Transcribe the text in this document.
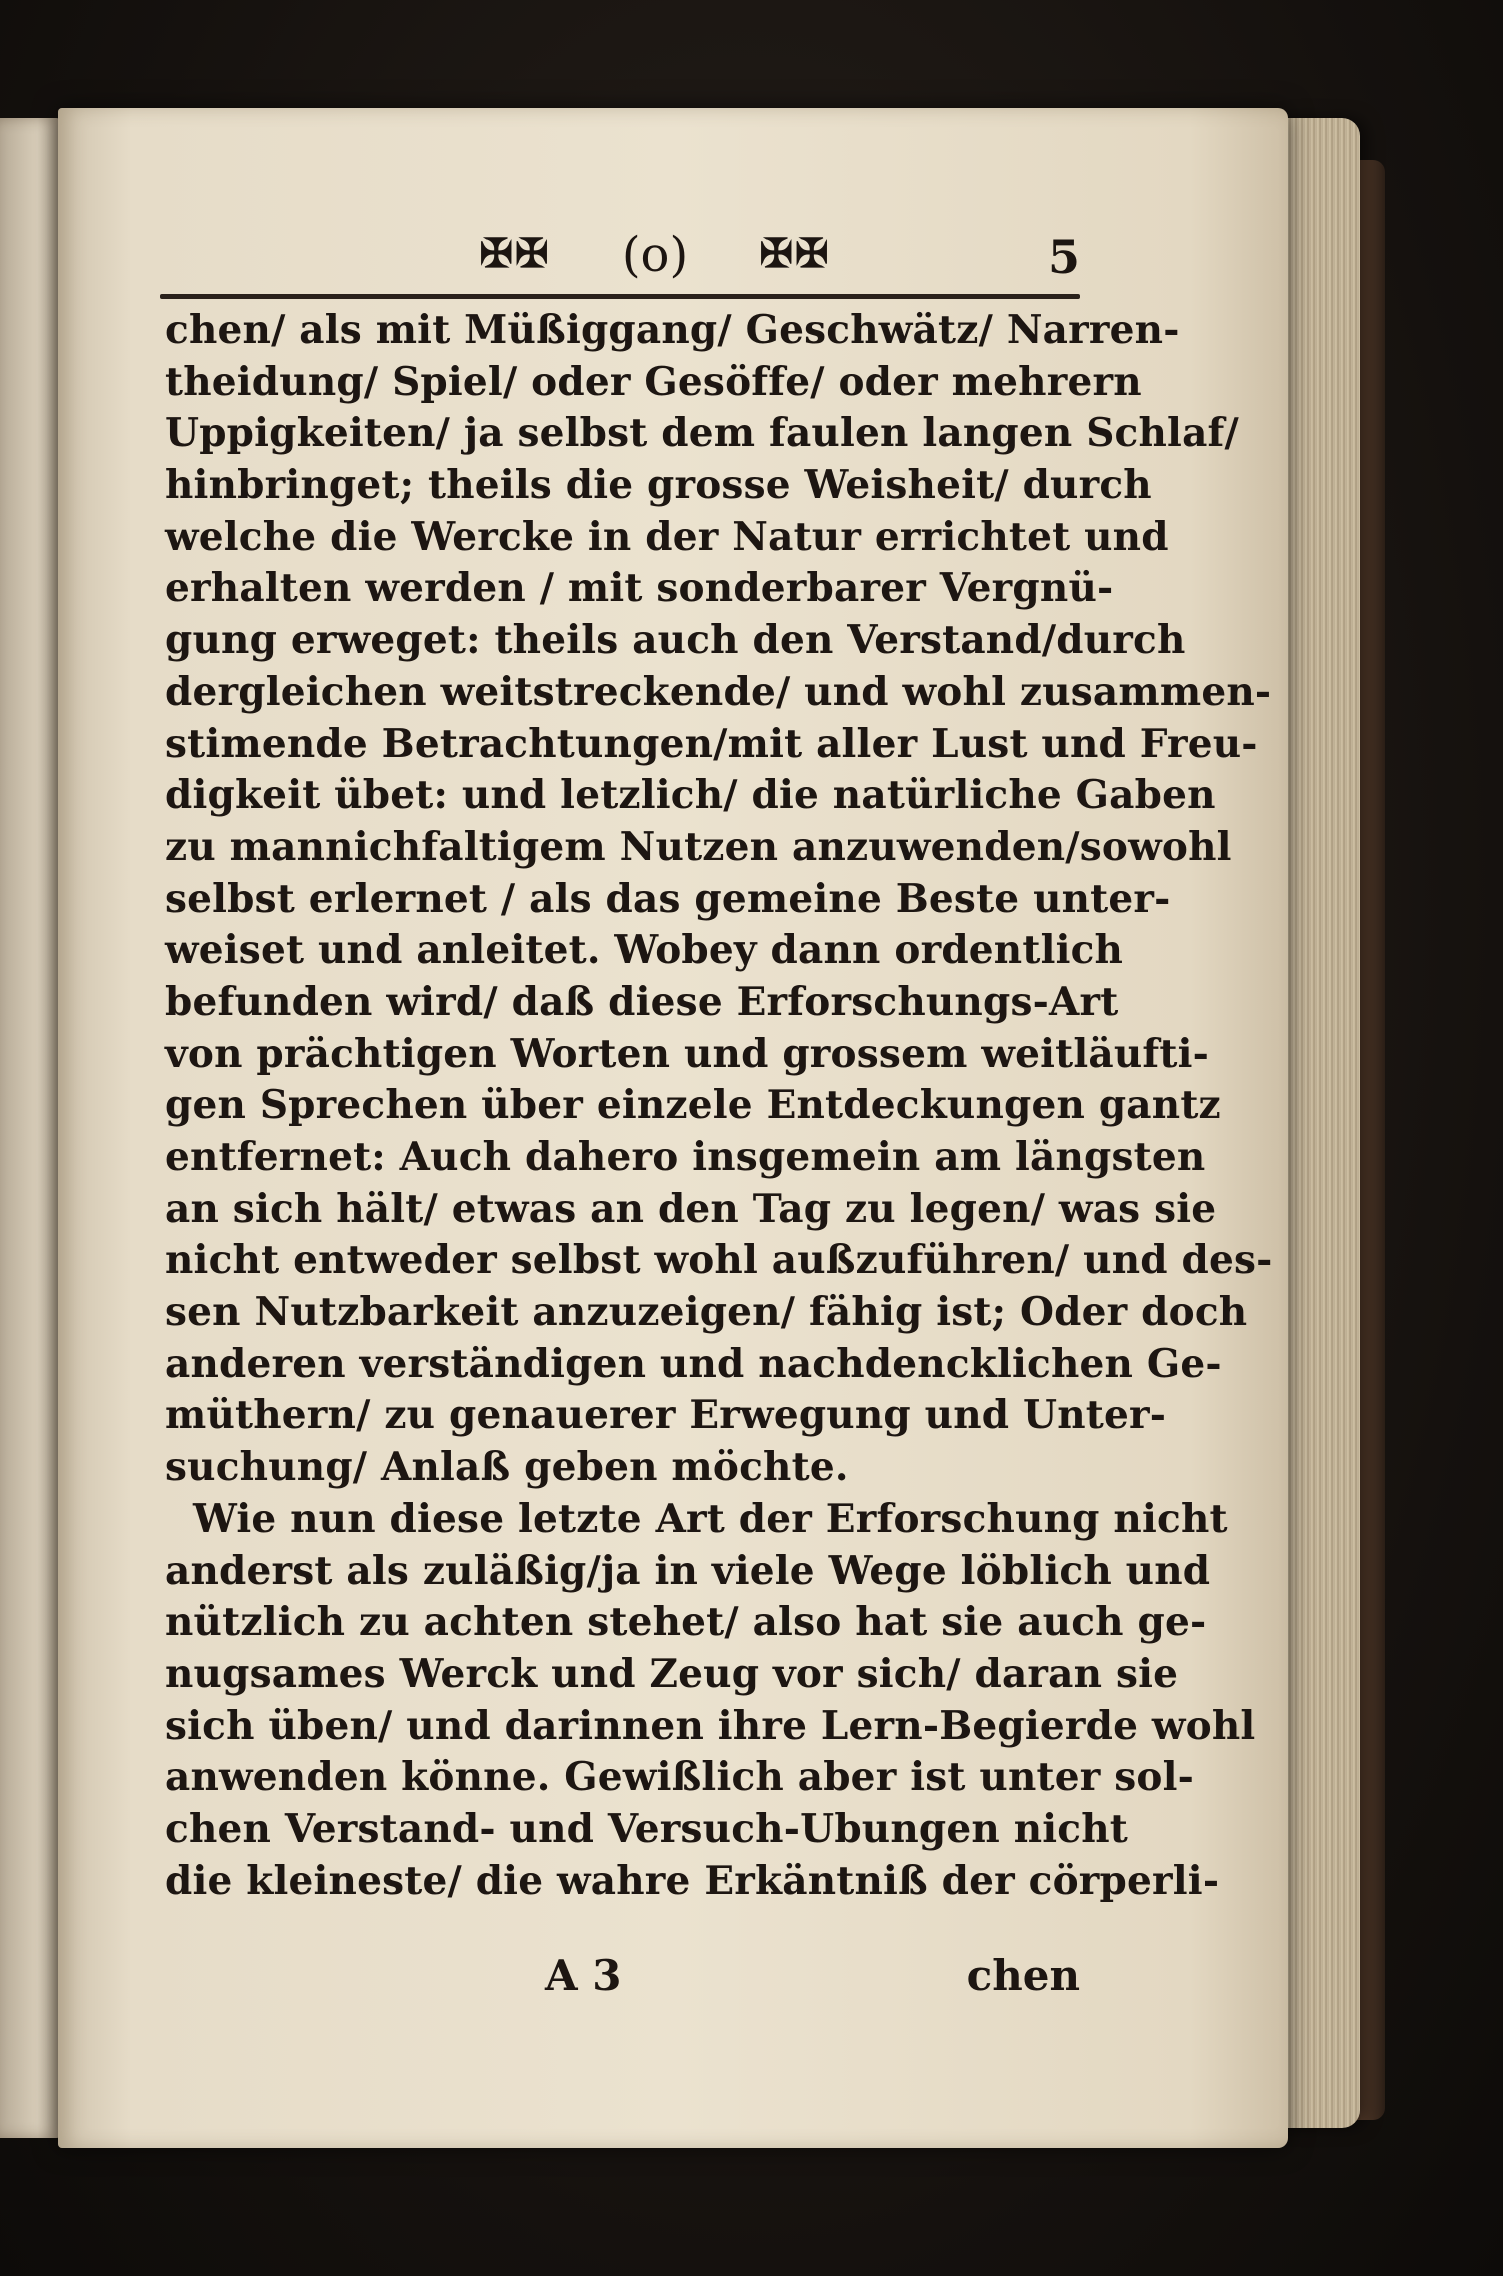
✠✠	(o)	✠✠	5
chen/ als mit Müßiggang/ Geschwätz/ Narren-
theidung/ Spiel/ oder Gesöffe/ oder mehrern
Uppigkeiten/ ja selbst dem faulen langen Schlaf/
hinbringet; theils die grosse Weisheit/ durch
welche die Wercke in der Natur errichtet und
erhalten werden / mit sonderbarer Vergnü-
gung erweget: theils auch den Verstand/durch
dergleichen weitstreckende/ und wohl zusammen-
stimende Betrachtungen/mit aller Lust und Freu-
digkeit übet: und letzlich/ die natürliche Gaben
zu mannichfaltigem Nutzen anzuwenden/sowohl
selbst erlernet / als das gemeine Beste unter-
weiset und anleitet. Wobey dann ordentlich
befunden wird/ daß diese Erforschungs-Art
von prächtigen Worten und grossem weitläufti-
gen Sprechen über einzele Entdeckungen gantz
entfernet: Auch dahero insgemein am längsten
an sich hält/ etwas an den Tag zu legen/ was sie
nicht entweder selbst wohl außzuführen/ und des-
sen Nutzbarkeit anzuzeigen/ fähig ist; Oder doch
anderen verständigen und nachdencklichen Ge-
müthern/ zu genauerer Erwegung und Unter-
suchung/ Anlaß geben möchte.
Wie nun diese letzte Art der Erforschung nicht
anderst als zuläßig/ja in viele Wege löblich und
nützlich zu achten stehet/ also hat sie auch ge-
nugsames Werck und Zeug vor sich/ daran sie
sich üben/ und darinnen ihre Lern-Begierde wohl
anwenden könne. Gewißlich aber ist unter sol-
chen Verstand- und Versuch-Ubungen nicht
die kleineste/ die wahre Erkäntniß der cörperli-
A 3	chen
